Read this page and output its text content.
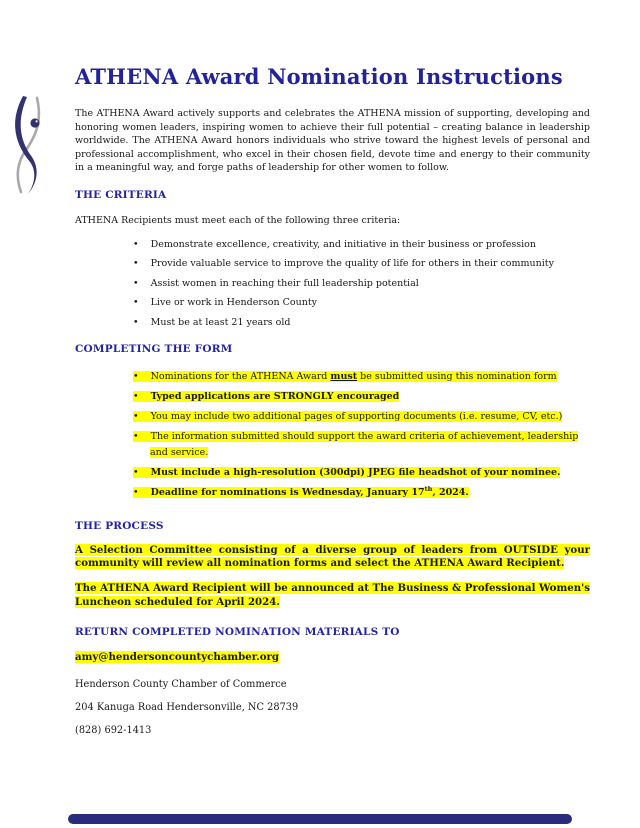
ATHENA Award Nomination Instructions

The ATHENA Award actively supports and celebrates the ATHENA mission of supporting, developing and honoring women leaders, inspiring women to achieve their full potential – creating balance in leadership worldwide. The ATHENA Award honors individuals who strive toward the highest levels of personal and professional accomplishment, who excel in their chosen field, devote time and energy to their community in a meaningful way, and forge paths of leadership for other women to follow.

THE CRITERIA

ATHENA Recipients must meet each of the following three criteria:

• Demonstrate excellence, creativity, and initiative in their business or profession
• Provide valuable service to improve the quality of life for others in their community
• Assist women in reaching their full leadership potential
• Live or work in Henderson County
• Must be at least 21 years old
COMPLETING THE FORM
• Nominations for the ATHENA Award must be submitted using this nomination form
• Typed applications are STRONGLY encouraged
• You may include two additional pages of supporting documents (i.e. resume, CV, etc.)
• The information submitted should support the award criteria of achievement, leadership and service.
• Must include a high-resolution (300dpi) JPEG file headshot of your nominee.
• Deadline for nominations is Wednesday, January 17th, 2024.
THE PROCESS

A Selection Committee consisting of a diverse group of leaders from OUTSIDE your community will review all nomination forms and select the ATHENA Award Recipient.

The ATHENA Award Recipient will be announced at The Business & Professional Women's Luncheon scheduled for April 2024.

RETURN COMPLETED NOMINATION MATERIALS TO

amy@hendersoncountychamber.org

Henderson County Chamber of Commerce

204 Kanuga Road Hendersonville, NC 28739

(828) 692-1413
